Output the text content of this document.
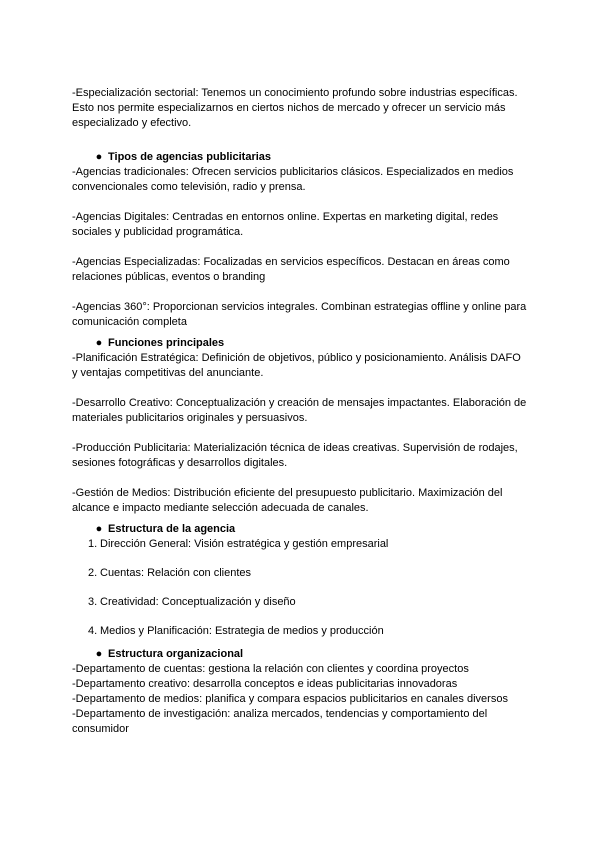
-Especialización sectorial: Tenemos un conocimiento profundo sobre industrias específicas. Esto nos permite especializarnos en ciertos nichos de mercado y ofrecer un servicio más especializado y efectivo.

● Tipos de agencias publicitarias

-Agencias tradicionales: Ofrecen servicios publicitarios clásicos. Especializados en medios convencionales como televisión, radio y prensa.

-Agencias Digitales: Centradas en entornos online. Expertas en marketing digital, redes sociales y publicidad programática.

-Agencias Especializadas: Focalizadas en servicios específicos. Destacan en áreas como relaciones públicas, eventos o branding

-Agencias 360°: Proporcionan servicios integrales. Combinan estrategias offline y online para comunicación completa

● Funciones principales

-Planificación Estratégica: Definición de objetivos, público y posicionamiento. Análisis DAFO y ventajas competitivas del anunciante.

-Desarrollo Creativo: Conceptualización y creación de mensajes impactantes. Elaboración de materiales publicitarios originales y persuasivos.

-Producción Publicitaria: Materialización técnica de ideas creativas. Supervisión de rodajes, sesiones fotográficas y desarrollos digitales.

-Gestión de Medios: Distribución eficiente del presupuesto publicitario. Maximización del alcance e impacto mediante selección adecuada de canales.

● Estructura de la agencia

1. Dirección General: Visión estratégica y gestión empresarial
2. Cuentas: Relación con clientes
3. Creatividad: Conceptualización y diseño
4. Medios y Planificación: Estrategia de medios y producción

● Estructura organizacional

-Departamento de cuentas: gestiona la relación con clientes y coordina proyectos

-Departamento creativo: desarrolla conceptos e ideas publicitarias innovadoras

-Departamento de medios: planifica y compara espacios publicitarios en canales diversos

-Departamento de investigación: analiza mercados, tendencias y comportamiento del consumidor
